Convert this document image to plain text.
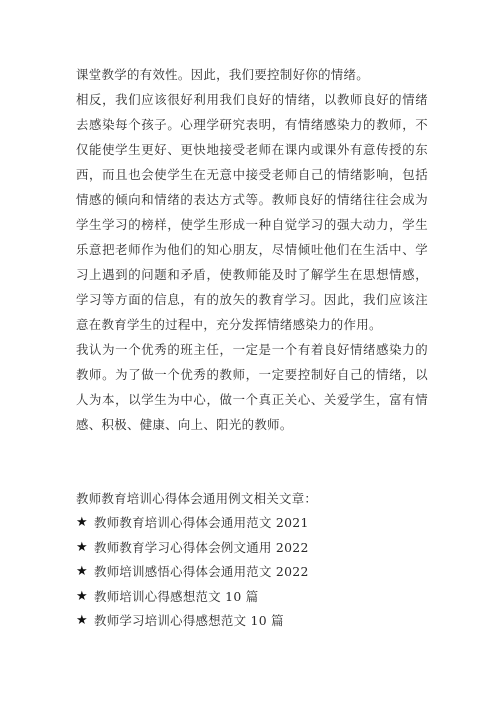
课堂教学的有效性。因此，我们要控制好你的情绪。

相反，我们应该很好利用我们良好的情绪，以教师良好的情绪去感染每个孩子。心理学研究表明，有情绪感染力的教师，不仅能使学生更好、更快地接受老师在课内或课外有意传授的东西，而且也会使学生在无意中接受老师自己的情绪影响，包括情感的倾向和情绪的表达方式等。教师良好的情绪往往会成为学生学习的榜样，使学生形成一种自觉学习的强大动力，学生乐意把老师作为他们的知心朋友，尽情倾吐他们在生活中、学习上遇到的问题和矛盾，使教师能及时了解学生在思想情感，学习等方面的信息，有的放矢的教育学习。因此，我们应该注意在教育学生的过程中，充分发挥情绪感染力的作用。

我认为一个优秀的班主任，一定是一个有着良好情绪感染力的教师。为了做一个优秀的教师，一定要控制好自己的情绪，以人为本，以学生为中心，做一个真正关心、关爱学生，富有情感、积极、健康、向上、阳光的教师。

教师教育培训心得体会通用例文相关文章：

★ 教师教育培训心得体会通用范文 2021
★ 教师教育学习心得体会例文通用 2022
★ 教师培训感悟心得体会通用范文 2022
★ 教师培训心得感想范文 10 篇
★ 教师学习培训心得感想范文 10 篇
